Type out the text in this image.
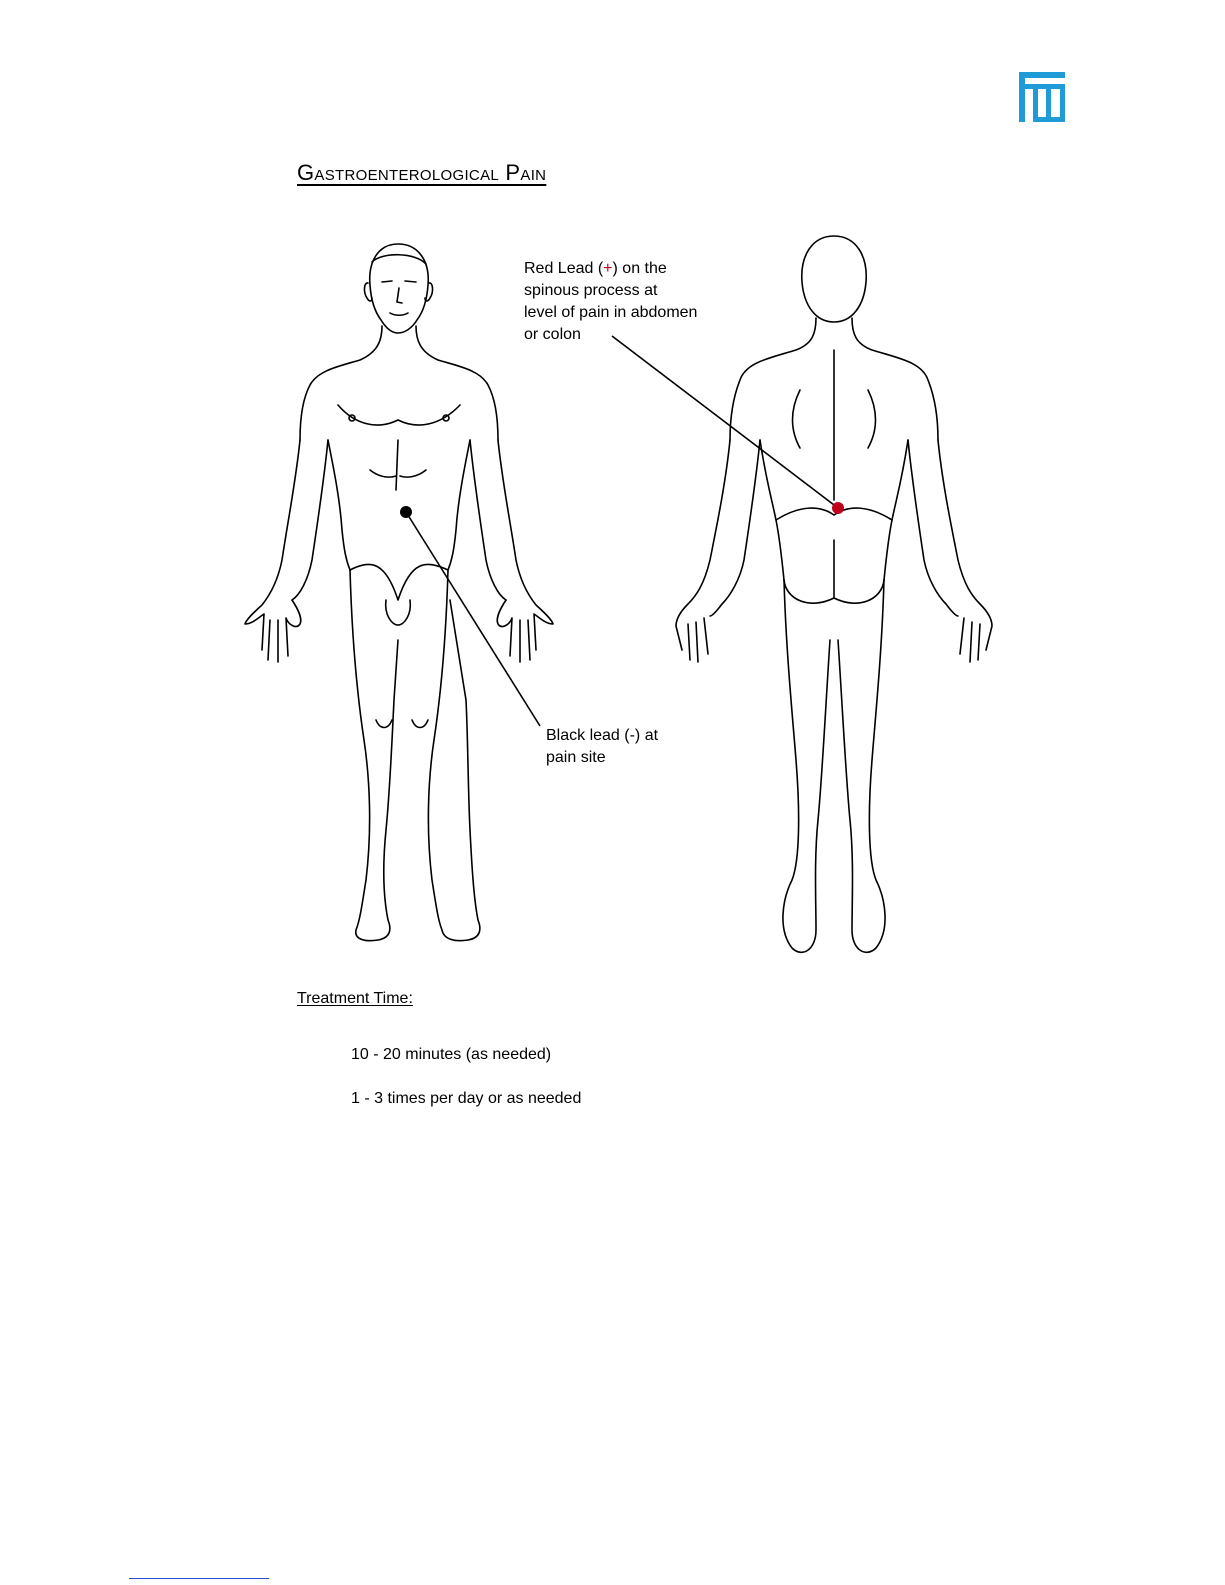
Gastroenterological Pain
Red Lead (+) on the
spinous process at
level of pain in abdomen
or colon
Black lead (-) at
pain site
Treatment Time:
10 - 20 minutes (as needed)
1 - 3 times per day or as needed
